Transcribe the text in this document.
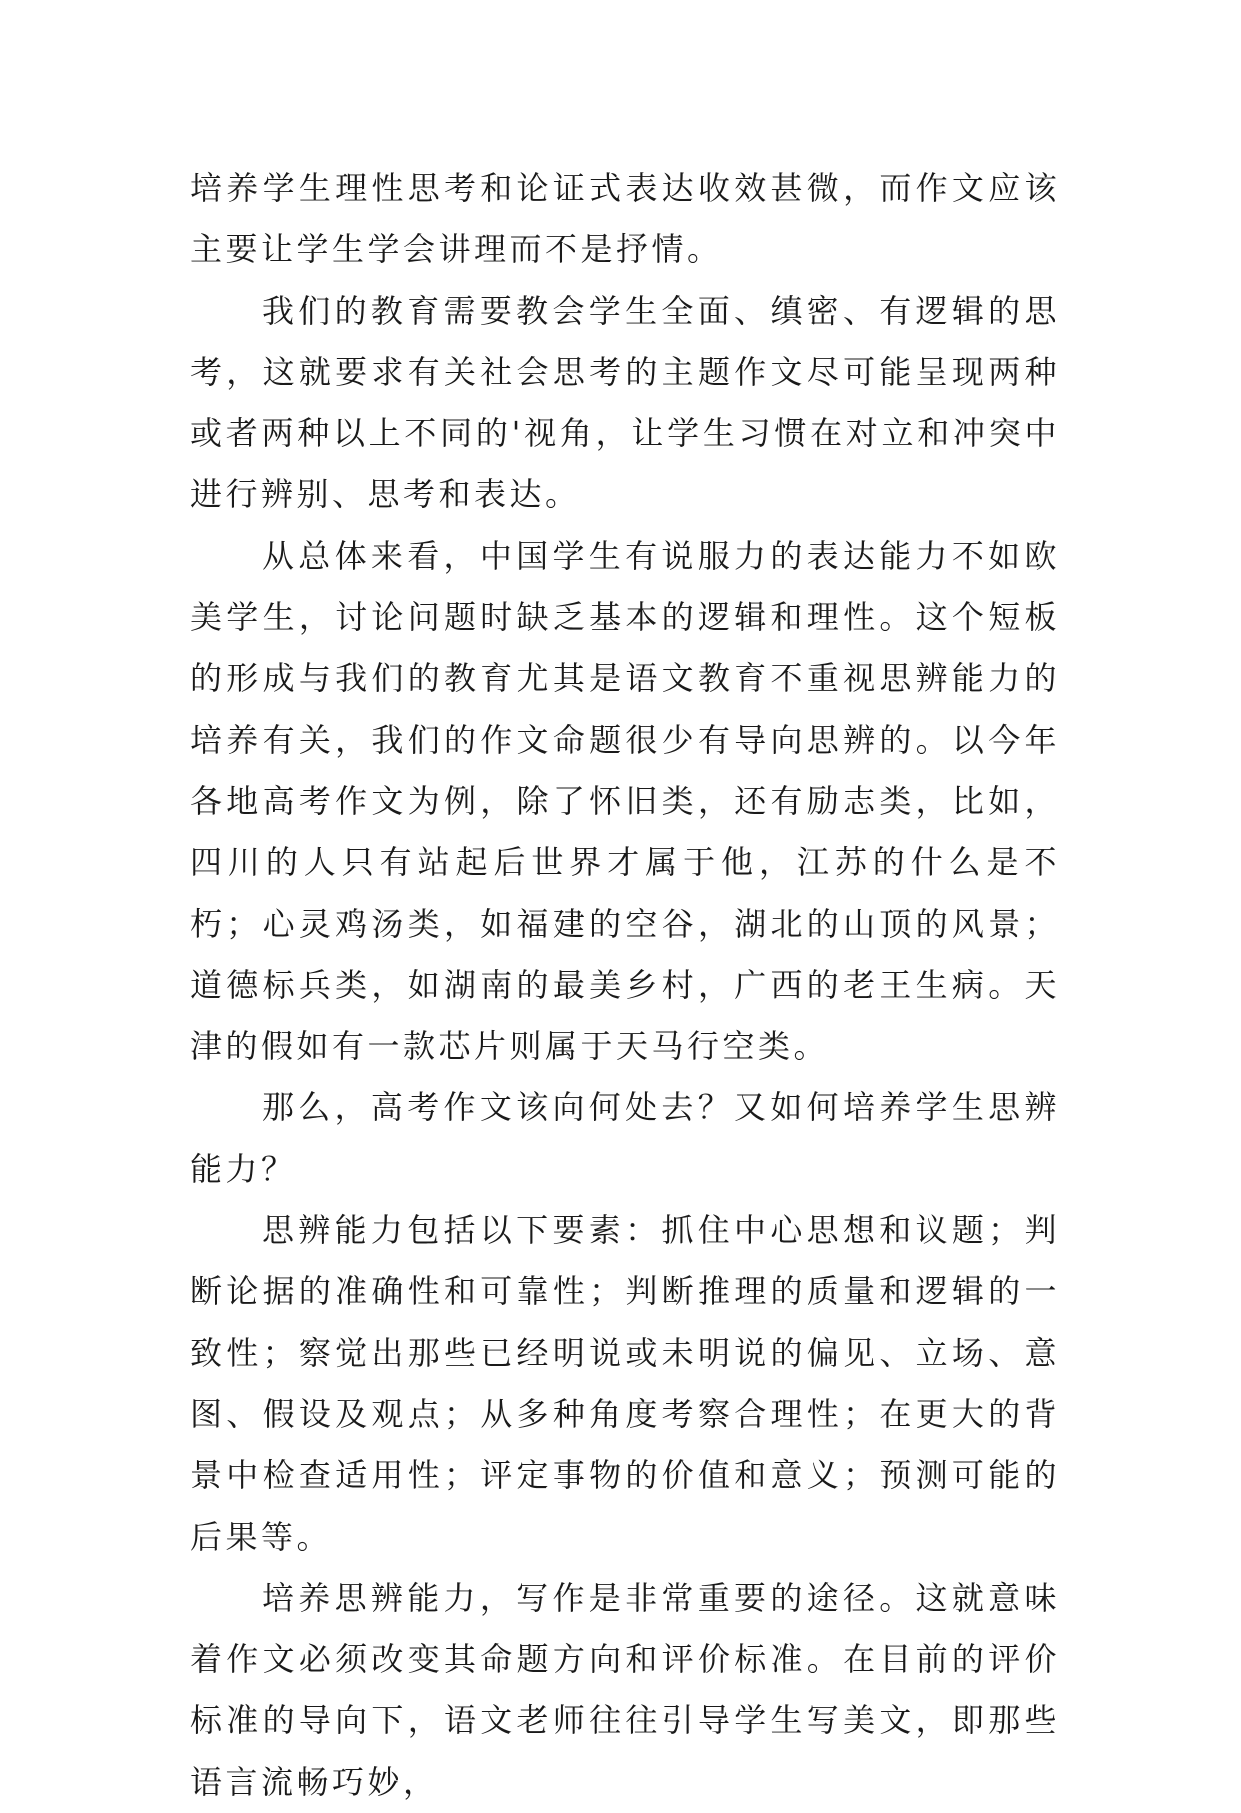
培养学生理性思考和论证式表达收效甚微，而作文应该主要让学生学会讲理而不是抒情。

我们的教育需要教会学生全面、缜密、有逻辑的思考，这就要求有关社会思考的主题作文尽可能呈现两种或者两种以上不同的'视角，让学生习惯在对立和冲突中进行辨别、思考和表达。

从总体来看，中国学生有说服力的表达能力不如欧美学生，讨论问题时缺乏基本的逻辑和理性。这个短板的形成与我们的教育尤其是语文教育不重视思辨能力的培养有关，我们的作文命题很少有导向思辨的。以今年各地高考作文为例，除了怀旧类，还有励志类，比如，四川的人只有站起后世界才属于他，江苏的什么是不朽；心灵鸡汤类，如福建的空谷，湖北的山顶的风景；道德标兵类，如湖南的最美乡村，广西的老王生病。天津的假如有一款芯片则属于天马行空类。

那么，高考作文该向何处去？又如何培养学生思辨能力？

思辨能力包括以下要素：抓住中心思想和议题；判断论据的准确性和可靠性；判断推理的质量和逻辑的一致性；察觉出那些已经明说或未明说的偏见、立场、意图、假设及观点；从多种角度考察合理性；在更大的背景中检查适用性；评定事物的价值和意义；预测可能的后果等。

培养思辨能力，写作是非常重要的途径。这就意味着作文必须改变其命题方向和评价标准。在目前的评价标准的导向下，语文老师往往引导学生写美文，即那些语言流畅巧妙，
